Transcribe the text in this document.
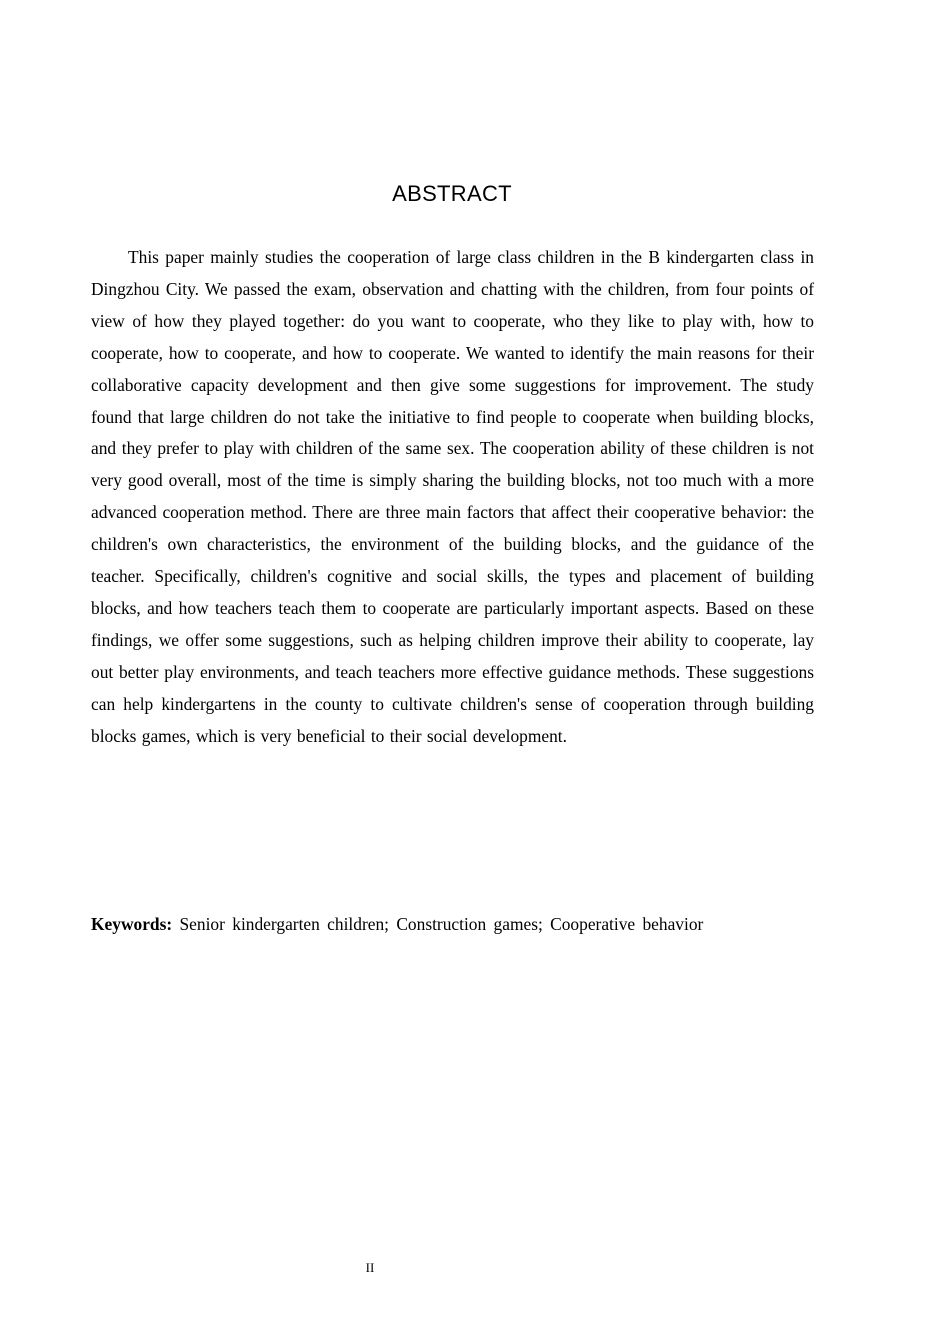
ABSTRACT

This paper mainly studies the cooperation of large class children in the B kindergarten class in Dingzhou City. We passed the exam, observation and chatting with the children, from four points of view of how they played together: do you want to cooperate, who they like to play with, how to cooperate, how to cooperate, and how to cooperate. We wanted to identify the main reasons for their collaborative capacity development and then give some suggestions for improvement. The study found that large children do not take the initiative to find people to cooperate when building blocks, and they prefer to play with children of the same sex. The cooperation ability of these children is not very good overall, most of the time is simply sharing the building blocks, not too much with a more advanced cooperation method. There are three main factors that affect their cooperative behavior: the children's own characteristics, the environment of the building blocks, and the guidance of the teacher. Specifically, children's cognitive and social skills, the types and placement of building blocks, and how teachers teach them to cooperate are particularly important aspects. Based on these findings, we offer some suggestions, such as helping children improve their ability to cooperate, lay out better play environments, and teach teachers more effective guidance methods. These suggestions can help kindergartens in the county to cultivate children's sense of cooperation through building blocks games, which is very beneficial to their social development.

Keywords: Senior kindergarten children; Construction games; Cooperative behavior

II
